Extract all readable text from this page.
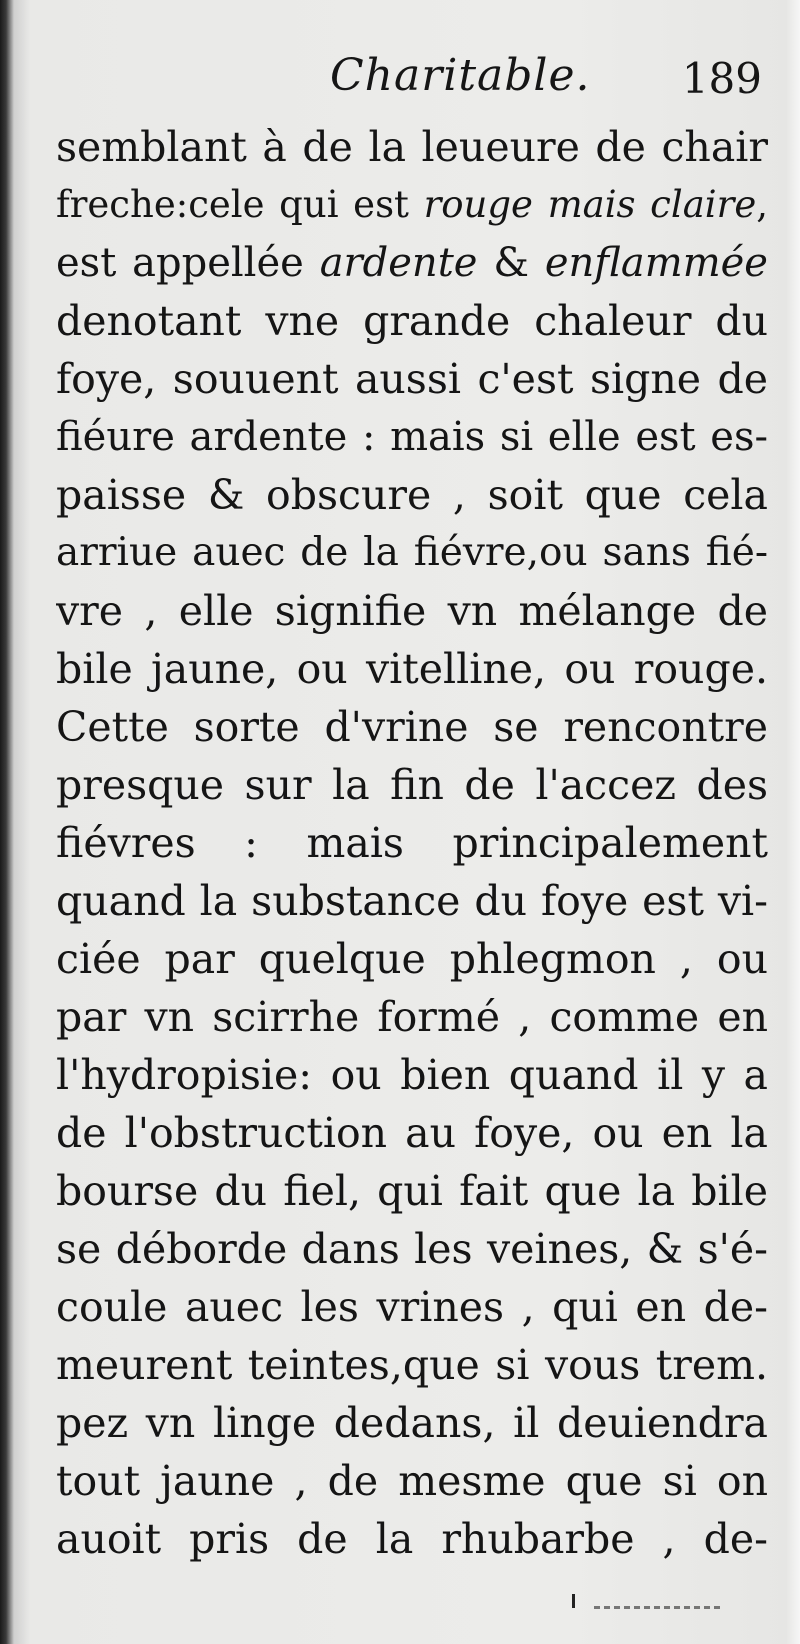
Charitable. 189
semblant à de la leueure de chair
freche:cele qui est rouge mais claire,
est appellée ardente & enflammée
denotant vne grande chaleur du
foye, souuent aussi c'est signe de
fiéure ardente : mais si elle est es-
paisse & obscure , soit que cela
arriue auec de la fiévre,ou sans fié-
vre , elle signifie vn mélange de
bile jaune, ou vitelline, ou rouge.
Cette sorte d'vrine se rencontre
presque sur la fin de l'accez des
fiévres : mais principalement
quand la substance du foye est vi-
ciée par quelque phlegmon , ou
par vn scirrhe formé , comme en
l'hydropisie: ou bien quand il y a
de l'obstruction au foye, ou en la
bourse du fiel, qui fait que la bile
se déborde dans les veines, & s'é-
coule auec les vrines , qui en de-
meurent teintes,que si vous trem.
pez vn linge dedans, il deuiendra
tout jaune , de mesme que si on
auoit pris de la rhubarbe , de-
